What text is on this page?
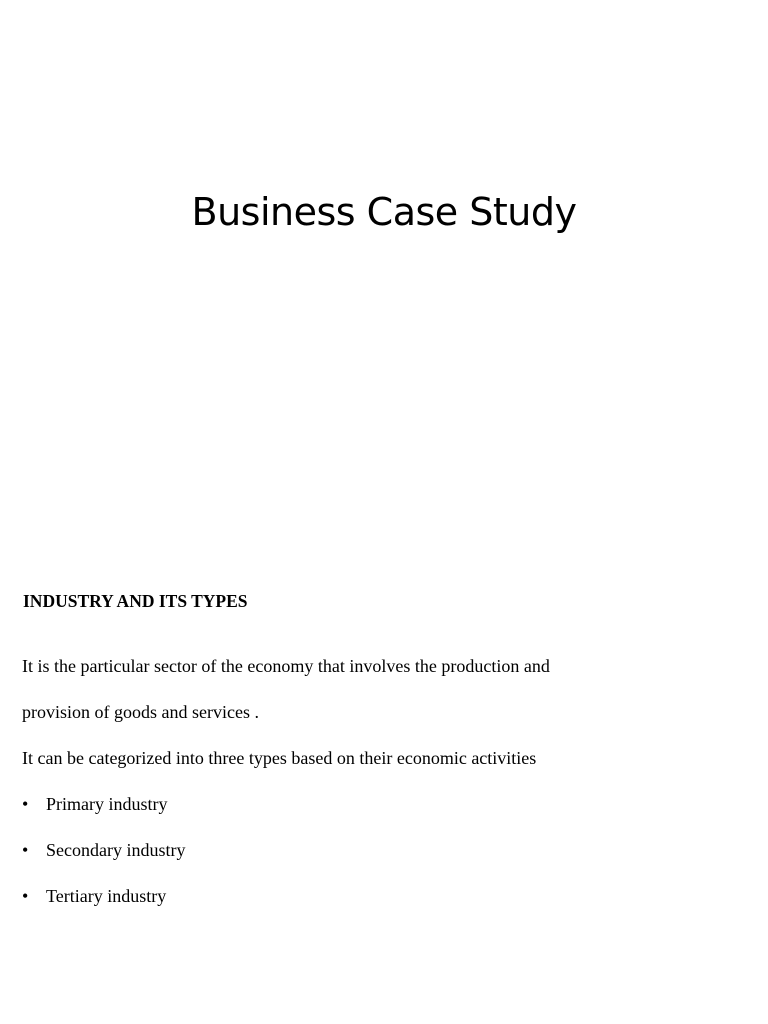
Business Case Study
INDUSTRY AND ITS TYPES

It is the particular sector of the economy that involves the production and

provision of goods and services .

It can be categorized into three types based on their economic activities

• Primary industry
• Secondary industry
• Tertiary industry
